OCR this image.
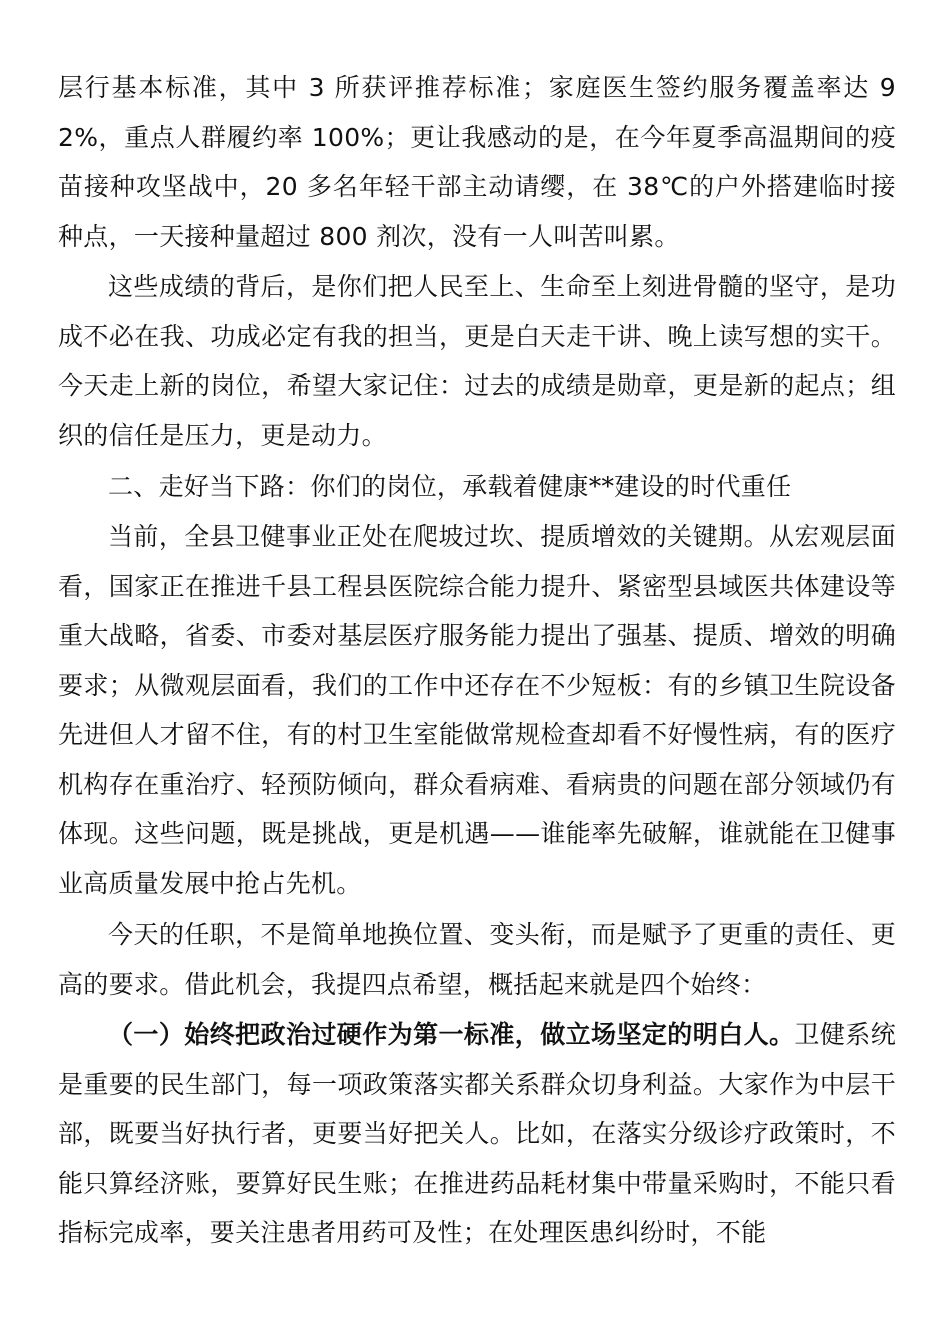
层行基本标准，其中 3 所获评推荐标准；家庭医生签约服务覆盖率达 92%，重点人群履约率 100%；更让我感动的是，在今年夏季高温期间的疫苗接种攻坚战中，20 多名年轻干部主动请缨，在 38℃的户外搭建临时接种点，一天接种量超过 800 剂次，没有一人叫苦叫累。

这些成绩的背后，是你们把人民至上、生命至上刻进骨髓的坚守，是功成不必在我、功成必定有我的担当，更是白天走干讲、晚上读写想的实干。今天走上新的岗位，希望大家记住：过去的成绩是勋章，更是新的起点；组织的信任是压力，更是动力。

二、走好当下路：你们的岗位，承载着健康**建设的时代重任

当前，全县卫健事业正处在爬坡过坎、提质增效的关键期。从宏观层面看，国家正在推进千县工程县医院综合能力提升、紧密型县域医共体建设等重大战略，省委、市委对基层医疗服务能力提出了强基、提质、增效的明确要求；从微观层面看，我们的工作中还存在不少短板：有的乡镇卫生院设备先进但人才留不住，有的村卫生室能做常规检查却看不好慢性病，有的医疗机构存在重治疗、轻预防倾向，群众看病难、看病贵的问题在部分领域仍有体现。这些问题，既是挑战，更是机遇——谁能率先破解，谁就能在卫健事业高质量发展中抢占先机。

今天的任职，不是简单地换位置、变头衔，而是赋予了更重的责任、更高的要求。借此机会，我提四点希望，概括起来就是四个始终：

（一）始终把政治过硬作为第一标准，做立场坚定的明白人。卫健系统是重要的民生部门，每一项政策落实都关系群众切身利益。大家作为中层干部，既要当好执行者，更要当好把关人。比如，在落实分级诊疗政策时，不能只算经济账，要算好民生账；在推进药品耗材集中带量采购时，不能只看指标完成率，要关注患者用药可及性；在处理医患纠纷时，不能
